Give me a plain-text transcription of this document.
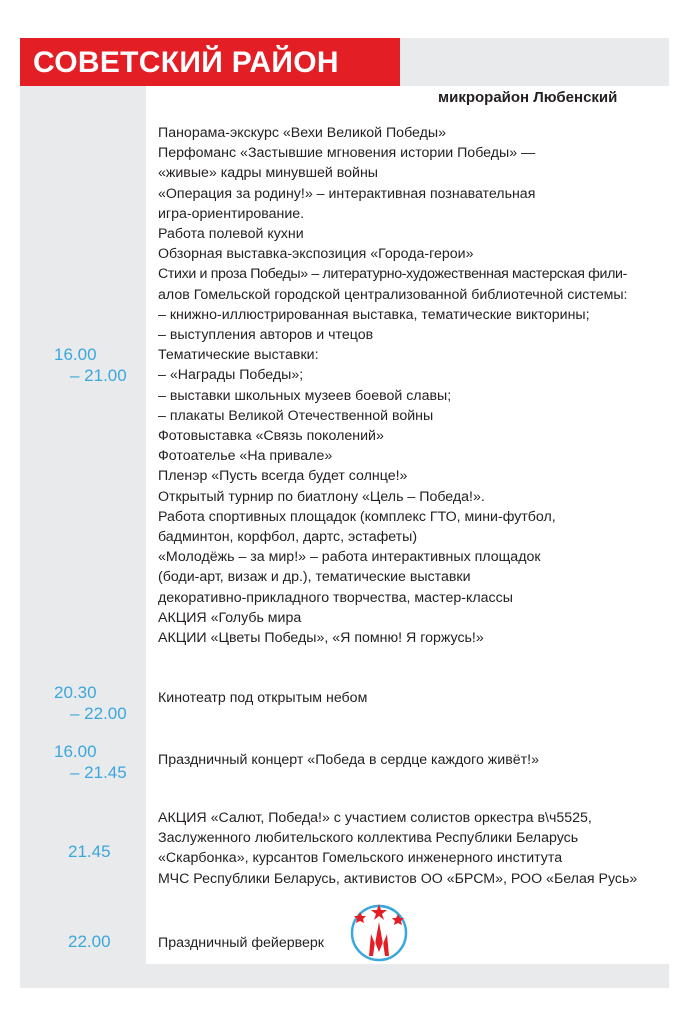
СОВЕТСКИЙ РАЙОН
микрорайон Любенский
16.00
– 21.00
Панорама-экскурс «Вехи Великой Победы»
Перфоманс «Застывшие мгновения истории Победы» —
«живые» кадры минувшей войны
«Операция за родину!» – интерактивная познавательная
игра-ориентирование.
Работа полевой кухни
Обзорная выставка-экспозиция «Города-герои»
Стихи и проза Победы» – литературно-художественная мастерская фили-
алов Гомельской городской централизованной библиотечной системы:
– книжно-иллюстрированная выставка, тематические викторины;
– выступления авторов и чтецов
Тематические выставки:
– «Награды Победы»;
– выставки школьных музеев боевой славы;
– плакаты Великой Отечественной войны
Фотовыставка «Связь поколений»
Фотоателье «На привале»
Пленэр «Пусть всегда будет солнце!»
Открытый турнир по биатлону «Цель – Победа!».
Работа спортивных площадок (комплекс ГТО, мини-футбол,
бадминтон, корфбол, дартс, эстафеты)
«Молодёжь – за мир!» – работа интерактивных площадок
(боди-арт, визаж и др.), тематические выставки
декоративно-прикладного творчества, мастер-классы
АКЦИЯ «Голубь мира
АКЦИИ «Цветы Победы», «Я помню! Я горжусь!»
20.30
– 22.00
Кинотеатр под открытым небом
16.00
– 21.45
Праздничный концерт «Победа в сердце каждого живёт!»
21.45
АКЦИЯ «Салют, Победа!» с участием солистов оркестра в\ч5525,
Заслуженного любительского коллектива Республики Беларусь
«Скарбонка», курсантов Гомельского инженерного института
МЧС Республики Беларусь, активистов ОО «БРСМ», РОО «Белая Русь»
22.00	Праздничный фейерверк
